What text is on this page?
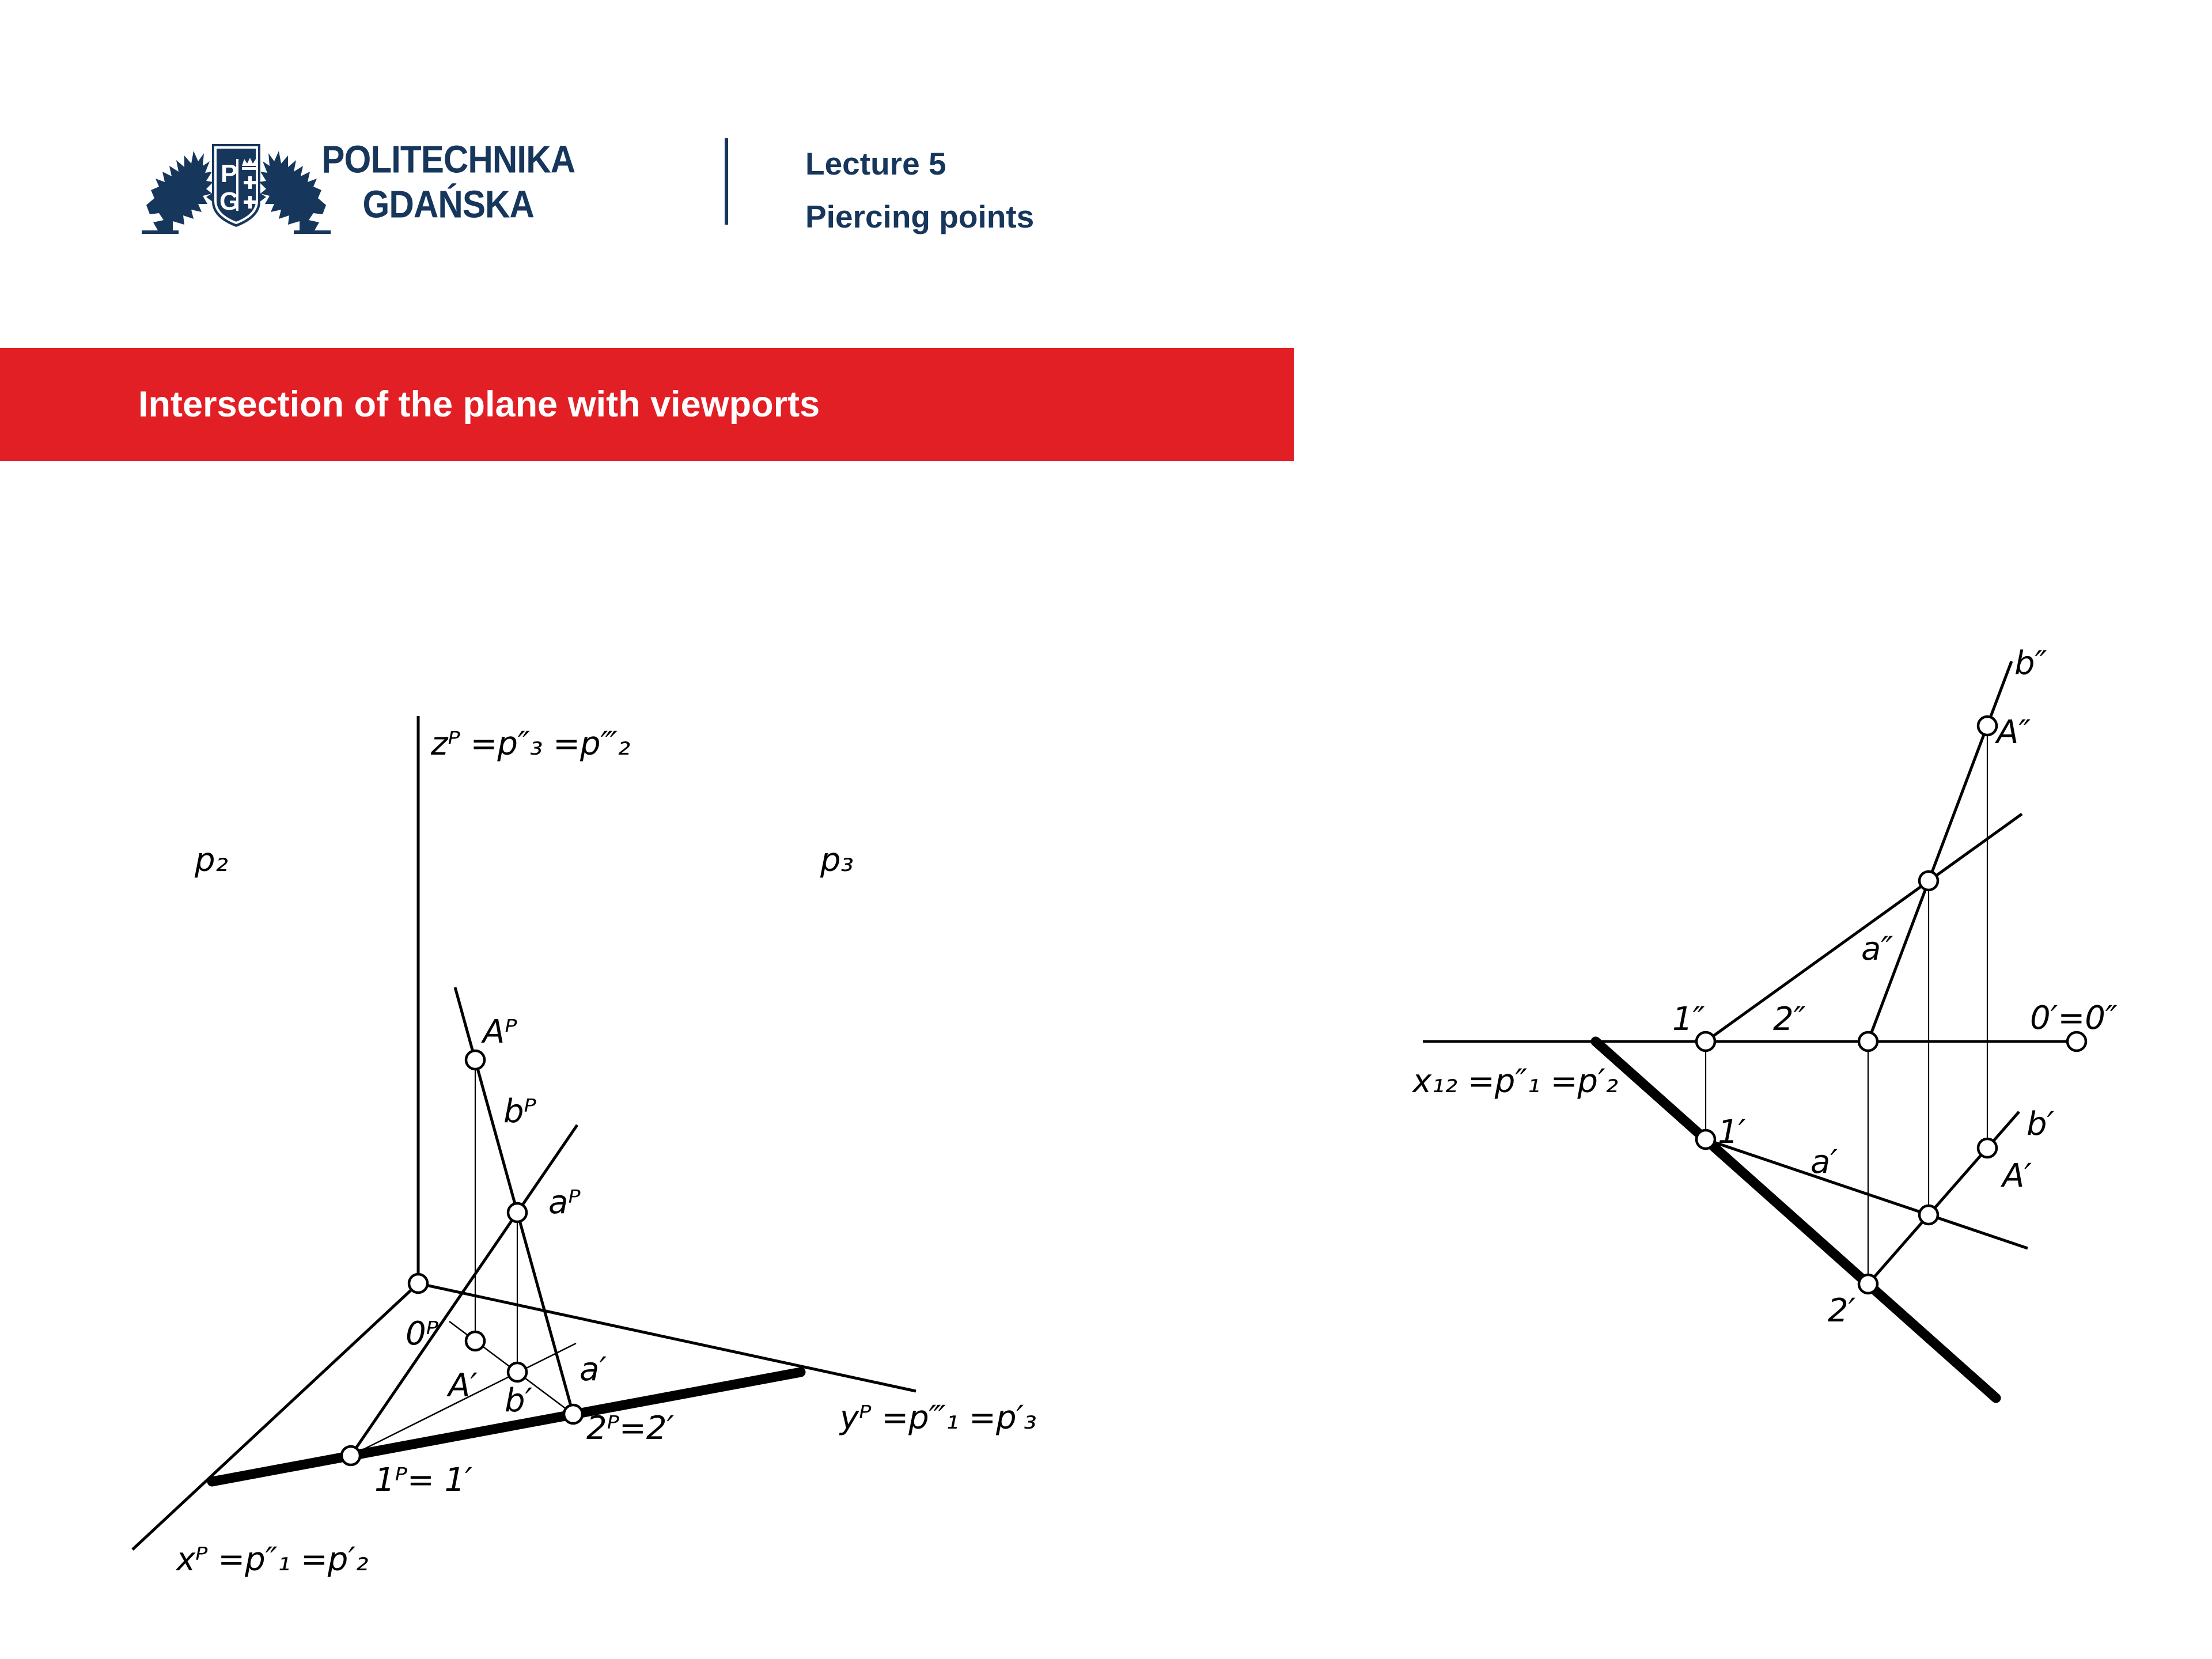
P
G
POLITECHNIKA
GDAŃSKA
Lecture 5
Piercing points
Intersection of the plane with viewports
zᴾ =p″₃ =p‴₂
p₂	p₃
Aᴾ
bᴾ
aᴾ
0ᴾ
A′	a′
b′
2ᴾ=2′
1ᴾ= 1′
xᴾ =p″₁ =p′₂
yᴾ =p‴₁ =p′₃
x₁₂ =p″₁ =p′₂
b″
A″
a″
1″ 2″	0′=0″
1′
a′
b′
A′
2′
